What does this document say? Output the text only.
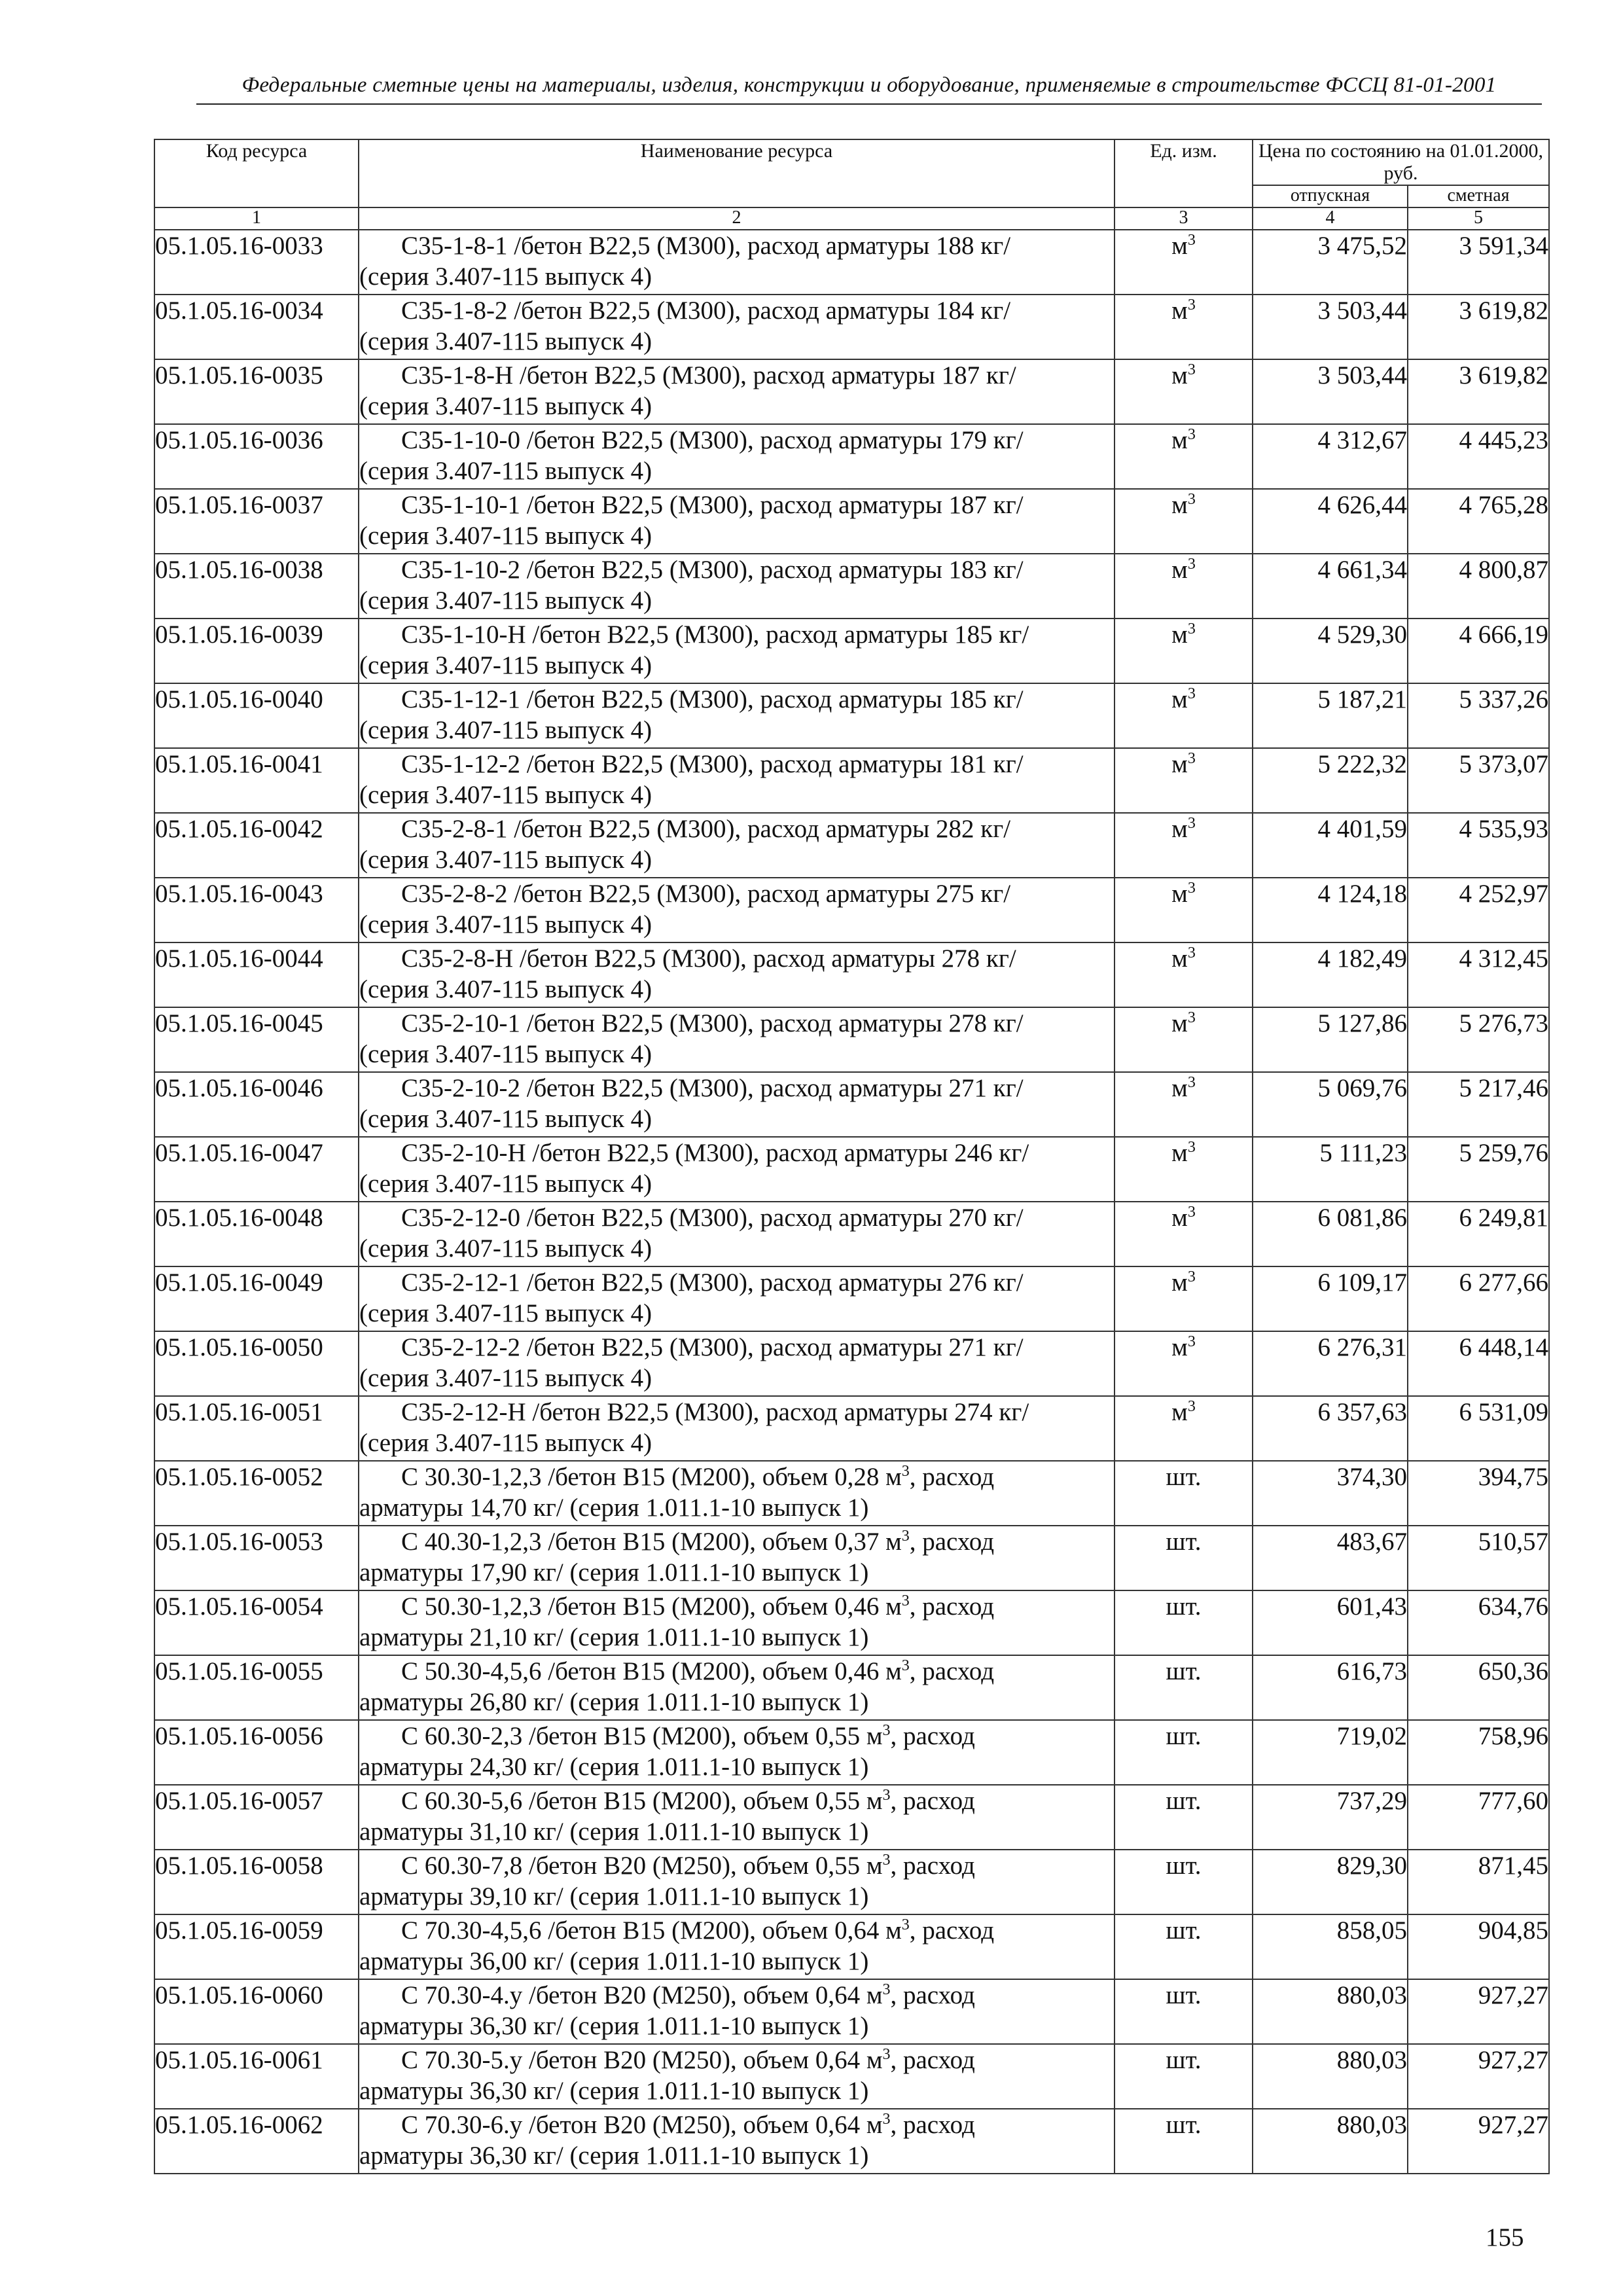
Федеральные сметные цены на материалы, изделия, конструкции и оборудование, применяемые в строительстве ФССЦ 81-01-2001
Код ресурса	Наименование ресурса	Ед. изм.	Цена по состоянию на 01.01.2000, руб.	
			отпускная	сметная
1	2	3	4	5
05.1.05.16-0033	С35-1-8-1 /бетон В22,5 (М300), расход арматуры 188 кг/
(серия 3.407-115 выпуск 4)	$м^3$	3 475,52	3 591,34
05.1.05.16-0034	С35-1-8-2 /бетон В22,5 (М300), расход арматуры 184 кг/
(серия 3.407-115 выпуск 4)	$м^3$	3 503,44	3 619,82
05.1.05.16-0035	С35-1-8-Н /бетон В22,5 (М300), расход арматуры 187 кг/
(серия 3.407-115 выпуск 4)	$м^3$	3 503,44	3 619,82
05.1.05.16-0036	С35-1-10-0 /бетон В22,5 (М300), расход арматуры 179 кг/
(серия 3.407-115 выпуск 4)	$м^3$	4 312,67	4 445,23
05.1.05.16-0037	С35-1-10-1 /бетон В22,5 (М300), расход арматуры 187 кг/
(серия 3.407-115 выпуск 4)	$м^3$	4 626,44	4 765,28
05.1.05.16-0038	С35-1-10-2 /бетон В22,5 (М300), расход арматуры 183 кг/
(серия 3.407-115 выпуск 4)	$м^3$	4 661,34	4 800,87
05.1.05.16-0039	С35-1-10-Н /бетон В22,5 (М300), расход арматуры 185 кг/
(серия 3.407-115 выпуск 4)	$м^3$	4 529,30	4 666,19
05.1.05.16-0040	С35-1-12-1 /бетон В22,5 (М300), расход арматуры 185 кг/
(серия 3.407-115 выпуск 4)	$м^3$	5 187,21	5 337,26
05.1.05.16-0041	С35-1-12-2 /бетон В22,5 (М300), расход арматуры 181 кг/
(серия 3.407-115 выпуск 4)	$м^3$	5 222,32	5 373,07
05.1.05.16-0042	С35-2-8-1 /бетон В22,5 (М300), расход арматуры 282 кг/
(серия 3.407-115 выпуск 4)	$м^3$	4 401,59	4 535,93
05.1.05.16-0043	С35-2-8-2 /бетон В22,5 (М300), расход арматуры 275 кг/
(серия 3.407-115 выпуск 4)	$м^3$	4 124,18	4 252,97
05.1.05.16-0044	С35-2-8-Н /бетон В22,5 (М300), расход арматуры 278 кг/
(серия 3.407-115 выпуск 4)	$м^3$	4 182,49	4 312,45
05.1.05.16-0045	С35-2-10-1 /бетон В22,5 (М300), расход арматуры 278 кг/
(серия 3.407-115 выпуск 4)	$м^3$	5 127,86	5 276,73
05.1.05.16-0046	С35-2-10-2 /бетон В22,5 (М300), расход арматуры 271 кг/
(серия 3.407-115 выпуск 4)	$м^3$	5 069,76	5 217,46
05.1.05.16-0047	С35-2-10-Н /бетон В22,5 (М300), расход арматуры 246 кг/
(серия 3.407-115 выпуск 4)	$м^3$	5 111,23	5 259,76
05.1.05.16-0048	С35-2-12-0 /бетон В22,5 (М300), расход арматуры 270 кг/
(серия 3.407-115 выпуск 4)	$м^3$	6 081,86	6 249,81
05.1.05.16-0049	С35-2-12-1 /бетон В22,5 (М300), расход арматуры 276 кг/
(серия 3.407-115 выпуск 4)	$м^3$	6 109,17	6 277,66
05.1.05.16-0050	С35-2-12-2 /бетон В22,5 (М300), расход арматуры 271 кг/
(серия 3.407-115 выпуск 4)	$м^3$	6 276,31	6 448,14
05.1.05.16-0051	С35-2-12-Н /бетон В22,5 (М300), расход арматуры 274 кг/
(серия 3.407-115 выпуск 4)	$м^3$	6 357,63	6 531,09
05.1.05.16-0052	С 30.30-1,2,3 /бетон В15 (М200), объем 0,28 $м^3$, расход
арматуры 14,70 кг/ (серия 1.011.1-10 выпуск 1)	шт.	374,30	394,75
05.1.05.16-0053	С 40.30-1,2,3 /бетон В15 (М200), объем 0,37 $м^3$, расход
арматуры 17,90 кг/ (серия 1.011.1-10 выпуск 1)	шт.	483,67	510,57
05.1.05.16-0054	С 50.30-1,2,3 /бетон В15 (М200), объем 0,46 $м^3$, расход
арматуры 21,10 кг/ (серия 1.011.1-10 выпуск 1)	шт.	601,43	634,76
05.1.05.16-0055	С 50.30-4,5,6 /бетон В15 (М200), объем 0,46 $м^3$, расход
арматуры 26,80 кг/ (серия 1.011.1-10 выпуск 1)	шт.	616,73	650,36
05.1.05.16-0056	С 60.30-2,3 /бетон В15 (М200), объем 0,55 $м^3$, расход
арматуры 24,30 кг/ (серия 1.011.1-10 выпуск 1)	шт.	719,02	758,96
05.1.05.16-0057	С 60.30-5,6 /бетон В15 (М200), объем 0,55 $м^3$, расход
арматуры 31,10 кг/ (серия 1.011.1-10 выпуск 1)	шт.	737,29	777,60
05.1.05.16-0058	С 60.30-7,8 /бетон В20 (М250), объем 0,55 $м^3$, расход
арматуры 39,10 кг/ (серия 1.011.1-10 выпуск 1)	шт.	829,30	871,45
05.1.05.16-0059	С 70.30-4,5,6 /бетон В15 (М200), объем 0,64 $м^3$, расход
арматуры 36,00 кг/ (серия 1.011.1-10 выпуск 1)	шт.	858,05	904,85
05.1.05.16-0060	С 70.30-4.у /бетон В20 (М250), объем 0,64 $м^3$, расход
арматуры 36,30 кг/ (серия 1.011.1-10 выпуск 1)	шт.	880,03	927,27
05.1.05.16-0061	С 70.30-5.у /бетон В20 (М250), объем 0,64 $м^3$, расход
арматуры 36,30 кг/ (серия 1.011.1-10 выпуск 1)	шт.	880,03	927,27
05.1.05.16-0062	С 70.30-6.у /бетон В20 (М250), объем 0,64 $м^3$, расход
арматуры 36,30 кг/ (серия 1.011.1-10 выпуск 1)	шт.	880,03	927,27
155
